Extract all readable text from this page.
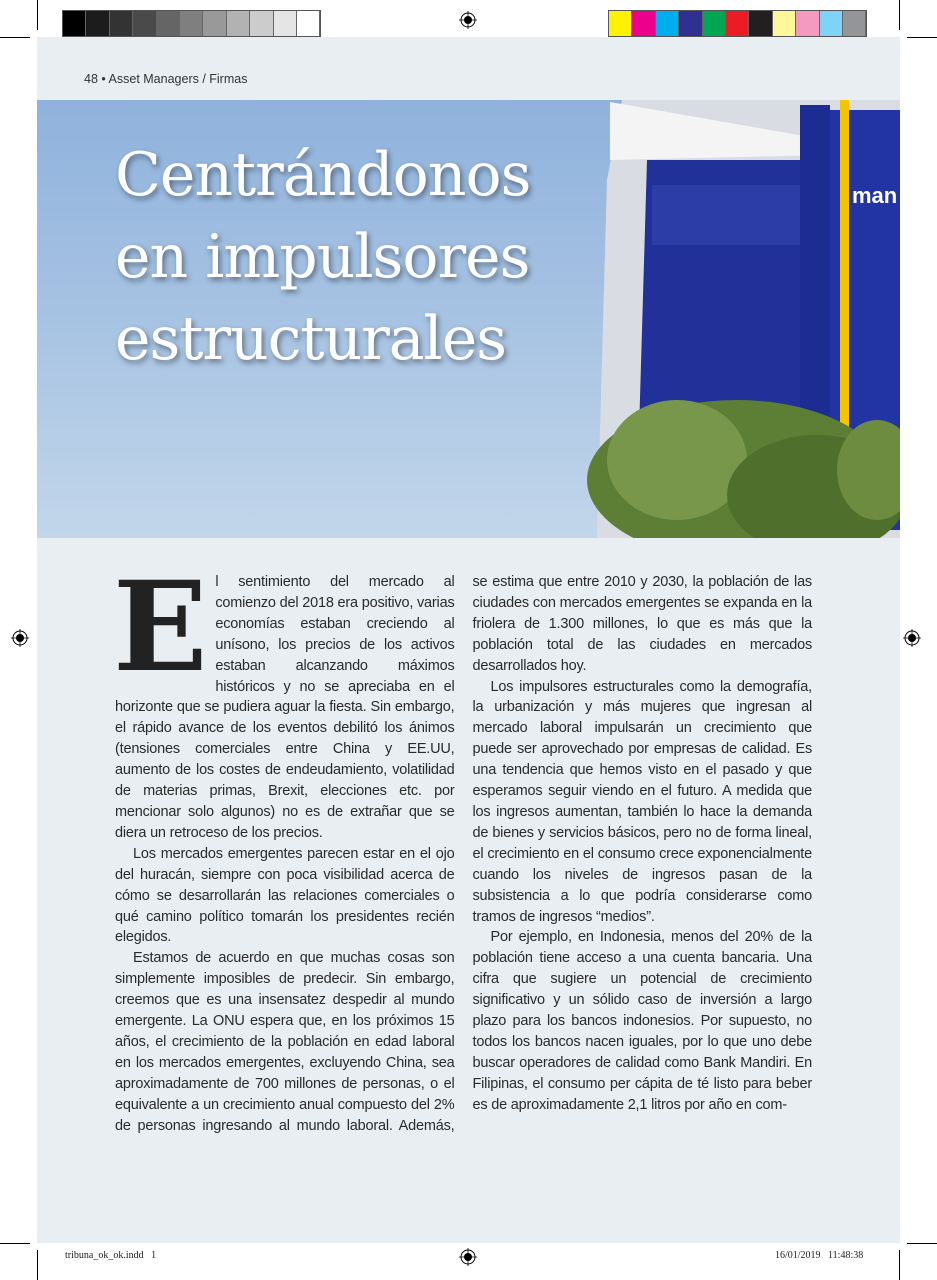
48 • Asset Managers / Firmas
man
Centrándonos
en impulsores
estructurales

El sentimiento del mercado al comienzo del 2018 era positivo, varias economías estaban creciendo al unísono, los precios de los activos estaban alcanzando máximos históricos y no se apreciaba en el horizonte que se pudiera aguar la fiesta. Sin embargo, el rápido avance de los eventos debilitó los ánimos (tensiones comerciales entre China y EE.UU, aumento de los costes de endeudamiento, volatilidad de materias primas, Brexit, elecciones etc. por mencionar solo algunos) no es de extrañar que se diera un retroceso de los precios.

Los mercados emergentes parecen estar en el ojo del huracán, siempre con poca visibilidad acerca de cómo se desarrollarán las relaciones comerciales o qué camino político tomarán los presidentes recién elegidos.

Estamos de acuerdo en que muchas cosas son simplemente imposibles de predecir. Sin embargo, creemos que es una insensatez despedir al mundo emergente. La ONU espera que, en los próximos 15 años, el crecimiento de la población en edad laboral en los mercados emergentes, excluyendo China, sea aproximadamente de 700 millones de personas, o el equivalente a un crecimiento anual compuesto del 2% de personas ingresando al mundo laboral. Además, se estima que entre 2010 y 2030, la población de las ciudades con mercados emergentes se expanda en la friolera de 1.300 millones, lo que es más que la población total de las ciudades en mercados desarrollados hoy.

Los impulsores estructurales como la demografía, la urbanización y más mujeres que ingresan al mercado laboral impulsarán un crecimiento que puede ser aprovechado por empresas de calidad. Es una tendencia que hemos visto en el pasado y que esperamos seguir viendo en el futuro. A medida que los ingresos aumentan, también lo hace la demanda de bienes y servicios básicos, pero no de forma lineal, el crecimiento en el consumo crece exponencialmente cuando los niveles de ingresos pasan de la subsistencia a lo que podría considerarse como tramos de ingresos “medios”.

Por ejemplo, en Indonesia, menos del 20% de la población tiene acceso a una cuenta bancaria. Una cifra que sugiere un potencial de crecimiento significativo y un sólido caso de inversión a largo plazo para los bancos indonesios. Por supuesto, no todos los bancos nacen iguales, por lo que uno debe buscar operadores de calidad como Bank Mandiri. En Filipinas, el consumo per cápita de té listo para beber es de aproximadamente 2,1 litros por año en com-

tribuna_ok_ok.indd   1	16/01/2019   11:48:38
